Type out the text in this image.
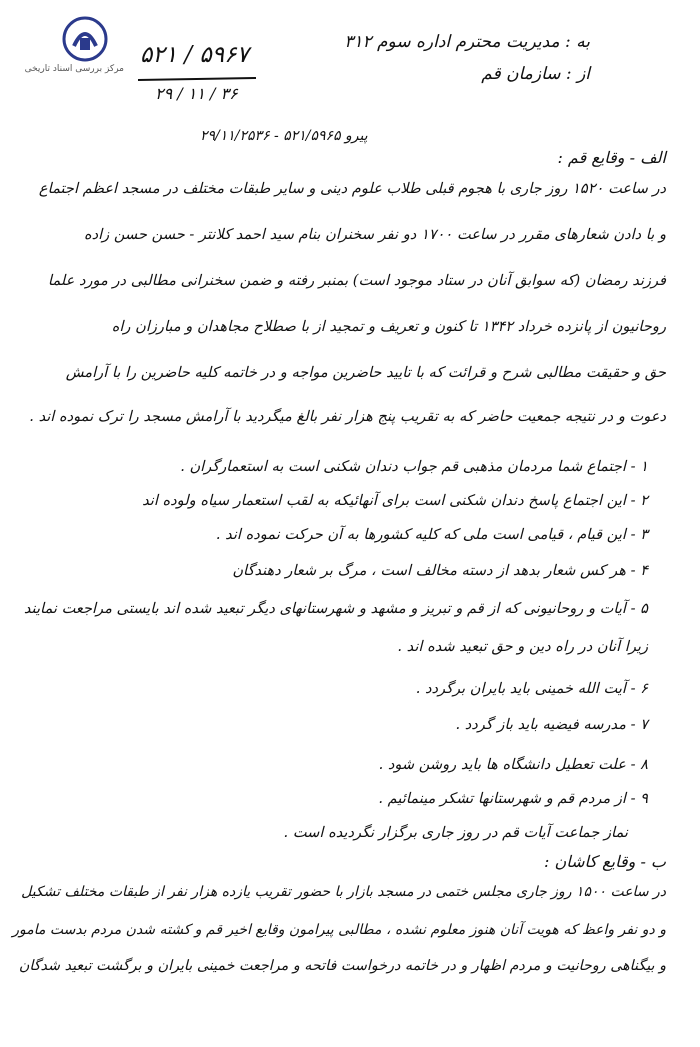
مرکز بررسی اسناد تاریخی
۵۲۱ / ۵۹۶۷
۲۹ / ۱۱ / ۳۶
به : مدیریت محترم اداره سوم ۳۱۲
از : سازمان قم
پیرو ۵۲۱/۵۹۶۵ - ۲۹/۱۱/۲۵۳۶
الف - وقایع قم :
در ساعت ۱۵۲۰ روز جاری با هجوم قبلی طلاب علوم دینی و سایر طبقات مختلف در مسجد اعظم اجتماع
و با دادن شعارهای مقرر در ساعت ۱۷۰۰ دو نفر سخنران بنام سید احمد کلانتر - حسن حسن زاده
فرزند رمضان (که سوابق آنان در ستاد موجود است) بمنبر رفته و ضمن سخنرانی مطالبی در مورد علما
روحانیون از پانزده خرداد ۱۳۴۲ تا کنون و تعریف و تمجید از با صطلاح مجاهدان و مبارزان راه
حق و حقیقت مطالبی شرح و قرائت که با تایید حاضرین مواجه و در خاتمه کلیه حاضرین را با آرامش
دعوت و در نتیجه جمعیت حاضر که به تقریب پنج هزار نفر بالغ میگردید با آرامش مسجد را ترک نموده اند .
۱ - اجتماع شما مردمان مذهبی قم جواب دندان شکنی است به استعمارگران .
۲ - این اجتماع پاسخ دندان شکنی است برای آنهائیکه به لقب استعمار سیاه ولوده اند
۳ - این قیام ، قیامی است ملی که کلیه کشورها به آن حرکت نموده اند .
۴ - هر کس شعار بدهد از دسته مخالف است ، مرگ بر شعار دهندگان
۵ - آیات و روحانیونی که از قم و تبریز و مشهد و شهرستانهای دیگر تبعید شده اند بایستی مراجعت نمایند
زیرا آنان در راه دین و حق تبعید شده اند .
۶ - آیت الله خمینی باید بایران برگردد .
۷ - مدرسه فیضیه باید باز گردد .
۸ - علت تعطیل دانشگاه ها باید روشن شود .
۹ - از مردم قم و شهرستانها تشکر مینمائیم .
نماز جماعت آیات قم در روز جاری برگزار نگردیده است .
ب - وقایع کاشان :
در ساعت ۱۵۰۰ روز جاری مجلس ختمی در مسجد بازار با حضور تقریب یازده هزار نفر از طبقات مختلف تشکیل
و دو نفر واعظ که هویت آنان هنوز معلوم نشده ، مطالبی پیرامون وقایع اخیر قم و کشته شدن مردم بدست مامور
و بیگناهی روحانیت و مردم اظهار و در خاتمه درخواست فاتحه و مراجعت خمینی بایران و برگشت تبعید شدگان
